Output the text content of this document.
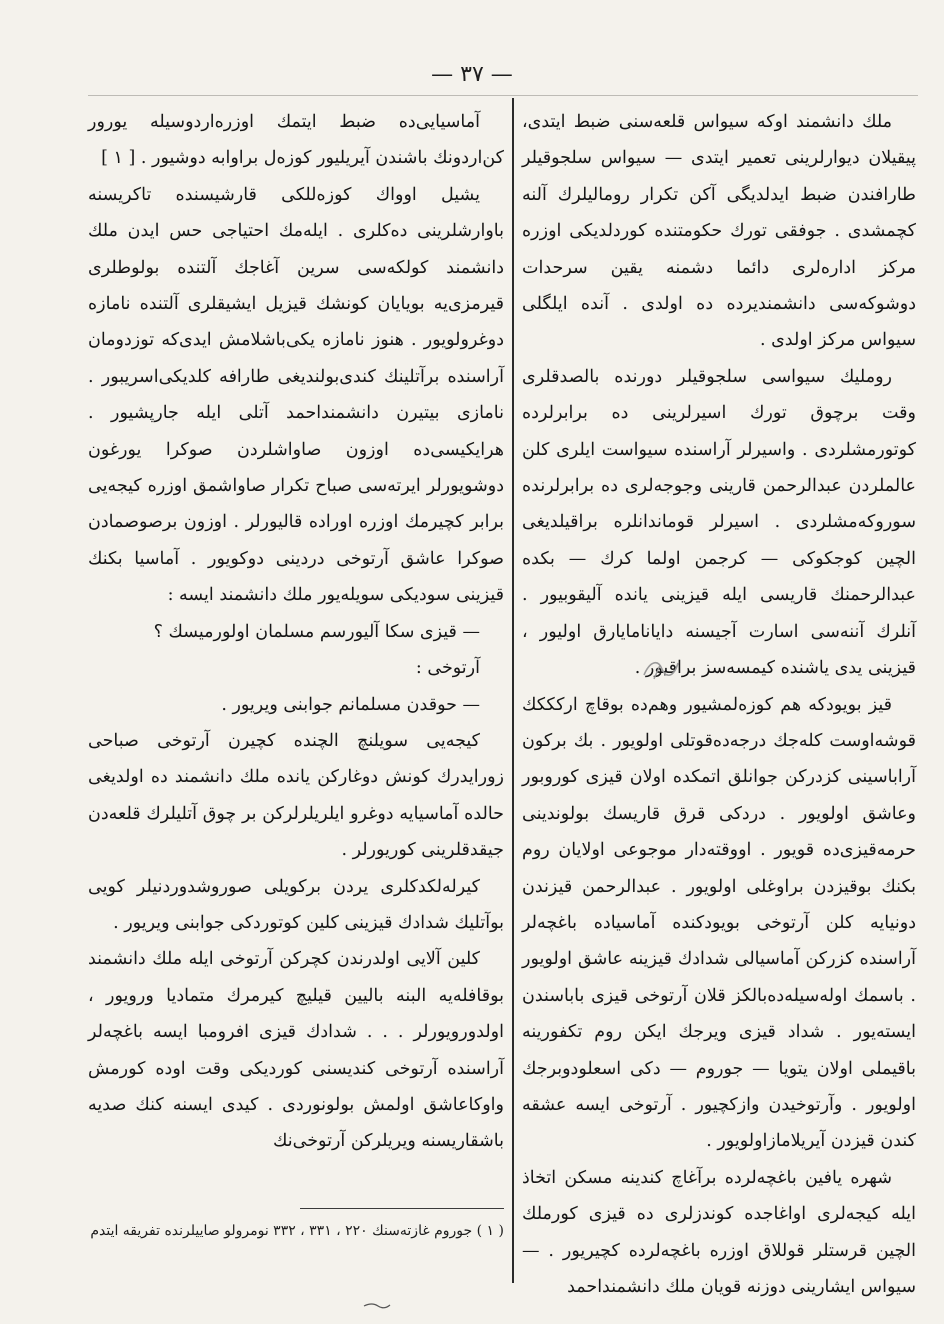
— ٣٧ —

ملك دانشمند اوكه سيواس قلعه‌سنی ضبط ايتدی، پیقیلان ديوارلرينی تعمیر ايتدی — سيواس سلجوقيلر طارافندن ضبط ايدلدیگی آكن تكرار رومالیلرك آلنه كچمشدی . جوفقی تورك حكومتنده كوردلديكی اوزره مركز اداره‌لری دائما دشمنه يقين سرحدات دوشوكه‌سی دانشمنديرده ده اولدی . آنده ايلگلی سيواس مركز اولدی .

رومليك سيواسی سلجوقيلر دورنده بالصدقلری وقت برچوق تورك اسيرلرینی ده برابرلرده كوتورمشلردی . واسيرلر آراسنده سيواست ايلری كلن عالملردن عبدالرحمن قارينی وجوجه‌لری ده برابرلرنده سوروكه‌مشلردی . اسيرلر قوماندانلره براقيلديغی الچين كوجكوكی — كرجمن اولما كرك — بكده عبدالرحمنك قاريسی ايله قيزينی يانده آليقوبيور . آنلرك آننه‌سی اسارت آجيسنه دايانامايارق اوليور ، قيزينی يدی ياشنده كيمسه‌سز براقيور .

قيز بويودكه هم كوزه‌لمشيور وهم‌ده بوقاچ اركككك قوشه‌اوست كله‌جك درجه‌ده‌قوتلی اولويور . بك بركون آراباسینی كزدركن جوانلق اتمكده اولان قيزی كوروبور وعاشق اولويور . دردكی قرق قاريسك بولوندينی حرمه‌قيزی‌ده قويور . اووقته‌دار موجوعی اولايان روم بكنك بوقيزدن براوغلی اولويور . عبدالرحمن قيزندن دونيايه كلن آرتوخی بويودكنده آماسياده باغچه‌لر آراسنده كزركن آماسيالی شدادك قيزينه عاشق اولويور . باسمك اوله‌سيله‌ده‌بالكز قلان آرتوخی قيزی باباسندن ايسته‌يور . شداد قيزی ويرجك ايكن روم تكفورينه باقيملی اولان يتويا — جوروم — دكی اسعلودوبرجك اولويور . وآرتوخیدن وازكچيور . آرتوخی ايسه عشقه كندن قيزدن آيريلامازاولويور .

شهره يافين باغچه‌لرده برآغاچ كندينه مسكن اتخاذ ايله كيجه‌لری اواغاجده كوندزلری ده قيزی كورملك الچين قرستلر قوللاق اوزره باغچه‌لرده كچيريور . — سيواس ايشارينی دوزنه قويان ملك دانشمنداحمد

آماسيايی‌ده ضبط ايتمك اوزره‌اردوسيله يورور كن‌اردونك باشندن آيريليور كوزه‌ل براوابه دوشيور . [ ١ ]

يشيل اوواك كوزه‌للكی قارشيسنده تاكريسنه باوارشلرينی ده‌كلری . ايله‌مك احتياجی حس ايدن ملك دانشمند كولكه‌سی سرين آغاجك آلتنده بولوطلری قيرمزی‌يه بويايان كونشك قيزيل ايشيقلری آلتنده نامازه دوغرولويور . هنوز نامازه يكی‌باشلامش ايدی‌كه توزدومان آراسنده برآتلينك كندی‌بولنديغی طارافه كلديكی‌اسريبور . نامازی بيتيرن دانشمنداحمد آتلی ايله جارپشيور . هرايكيسی‌ده اوزون صاواشلردن صوكرا يورغون دوشويورلر ايرته‌سی صباح تكرار صاواشمق اوزره كيجه‌يی برابر كچيرمك اوزره اوراده قاليورلر . اوزون برصوصمادن صوكرا عاشق آرتوخی دردينی دوكويور . آماسيا بكنك قيزينی سوديكی سويله‌يور ملك دانشمند ايسه :

— قيزی سكا آليورسم مسلمان اولورميسك ؟

آرتوخی :

— حوقدن مسلمانم جوابنی ويريور .

كيجه‌يی سويلنچ الچنده كچيرن آرتوخی صباحی زورايدرك كونش دوغاركن يانده ملك دانشمند ده اولديغی حالده آماسيايه دوغرو ايلريلرلركن بر چوق آتليلرك قلعه‌دن جيقدقلرينی كوريورلر .

كيرله‌لكدكلری يردن بركويلی صوروشدوردنيلر كويی بوآتليك شدادك قيزينی كلين كوتوردكی جوابنی ويريور .

كلين آلايی اولدرندن كچركن آرتوخی ايله ملك دانشمند بوقافله‌يه البنه باليين قيليچ كيرمرك متماديا ورويور ، اولدورويورلر . . . شدادك قيزی افرومبا ايسه باغچه‌لر آراسنده آرتوخی كنديسنی كورديكی وقت اوده كورمش واوكاعاشق اولمش بولونوردی . كيدی ايسنه كنك صديه باشقاريسنه ويريلركن آرتوخی‌نك

( ١ ) جوروم غازته‌سنك ٢٢٠ ، ٣٣١ ، ٣٣٢ نومرولو صاييلرنده تفريقه ايتدم
